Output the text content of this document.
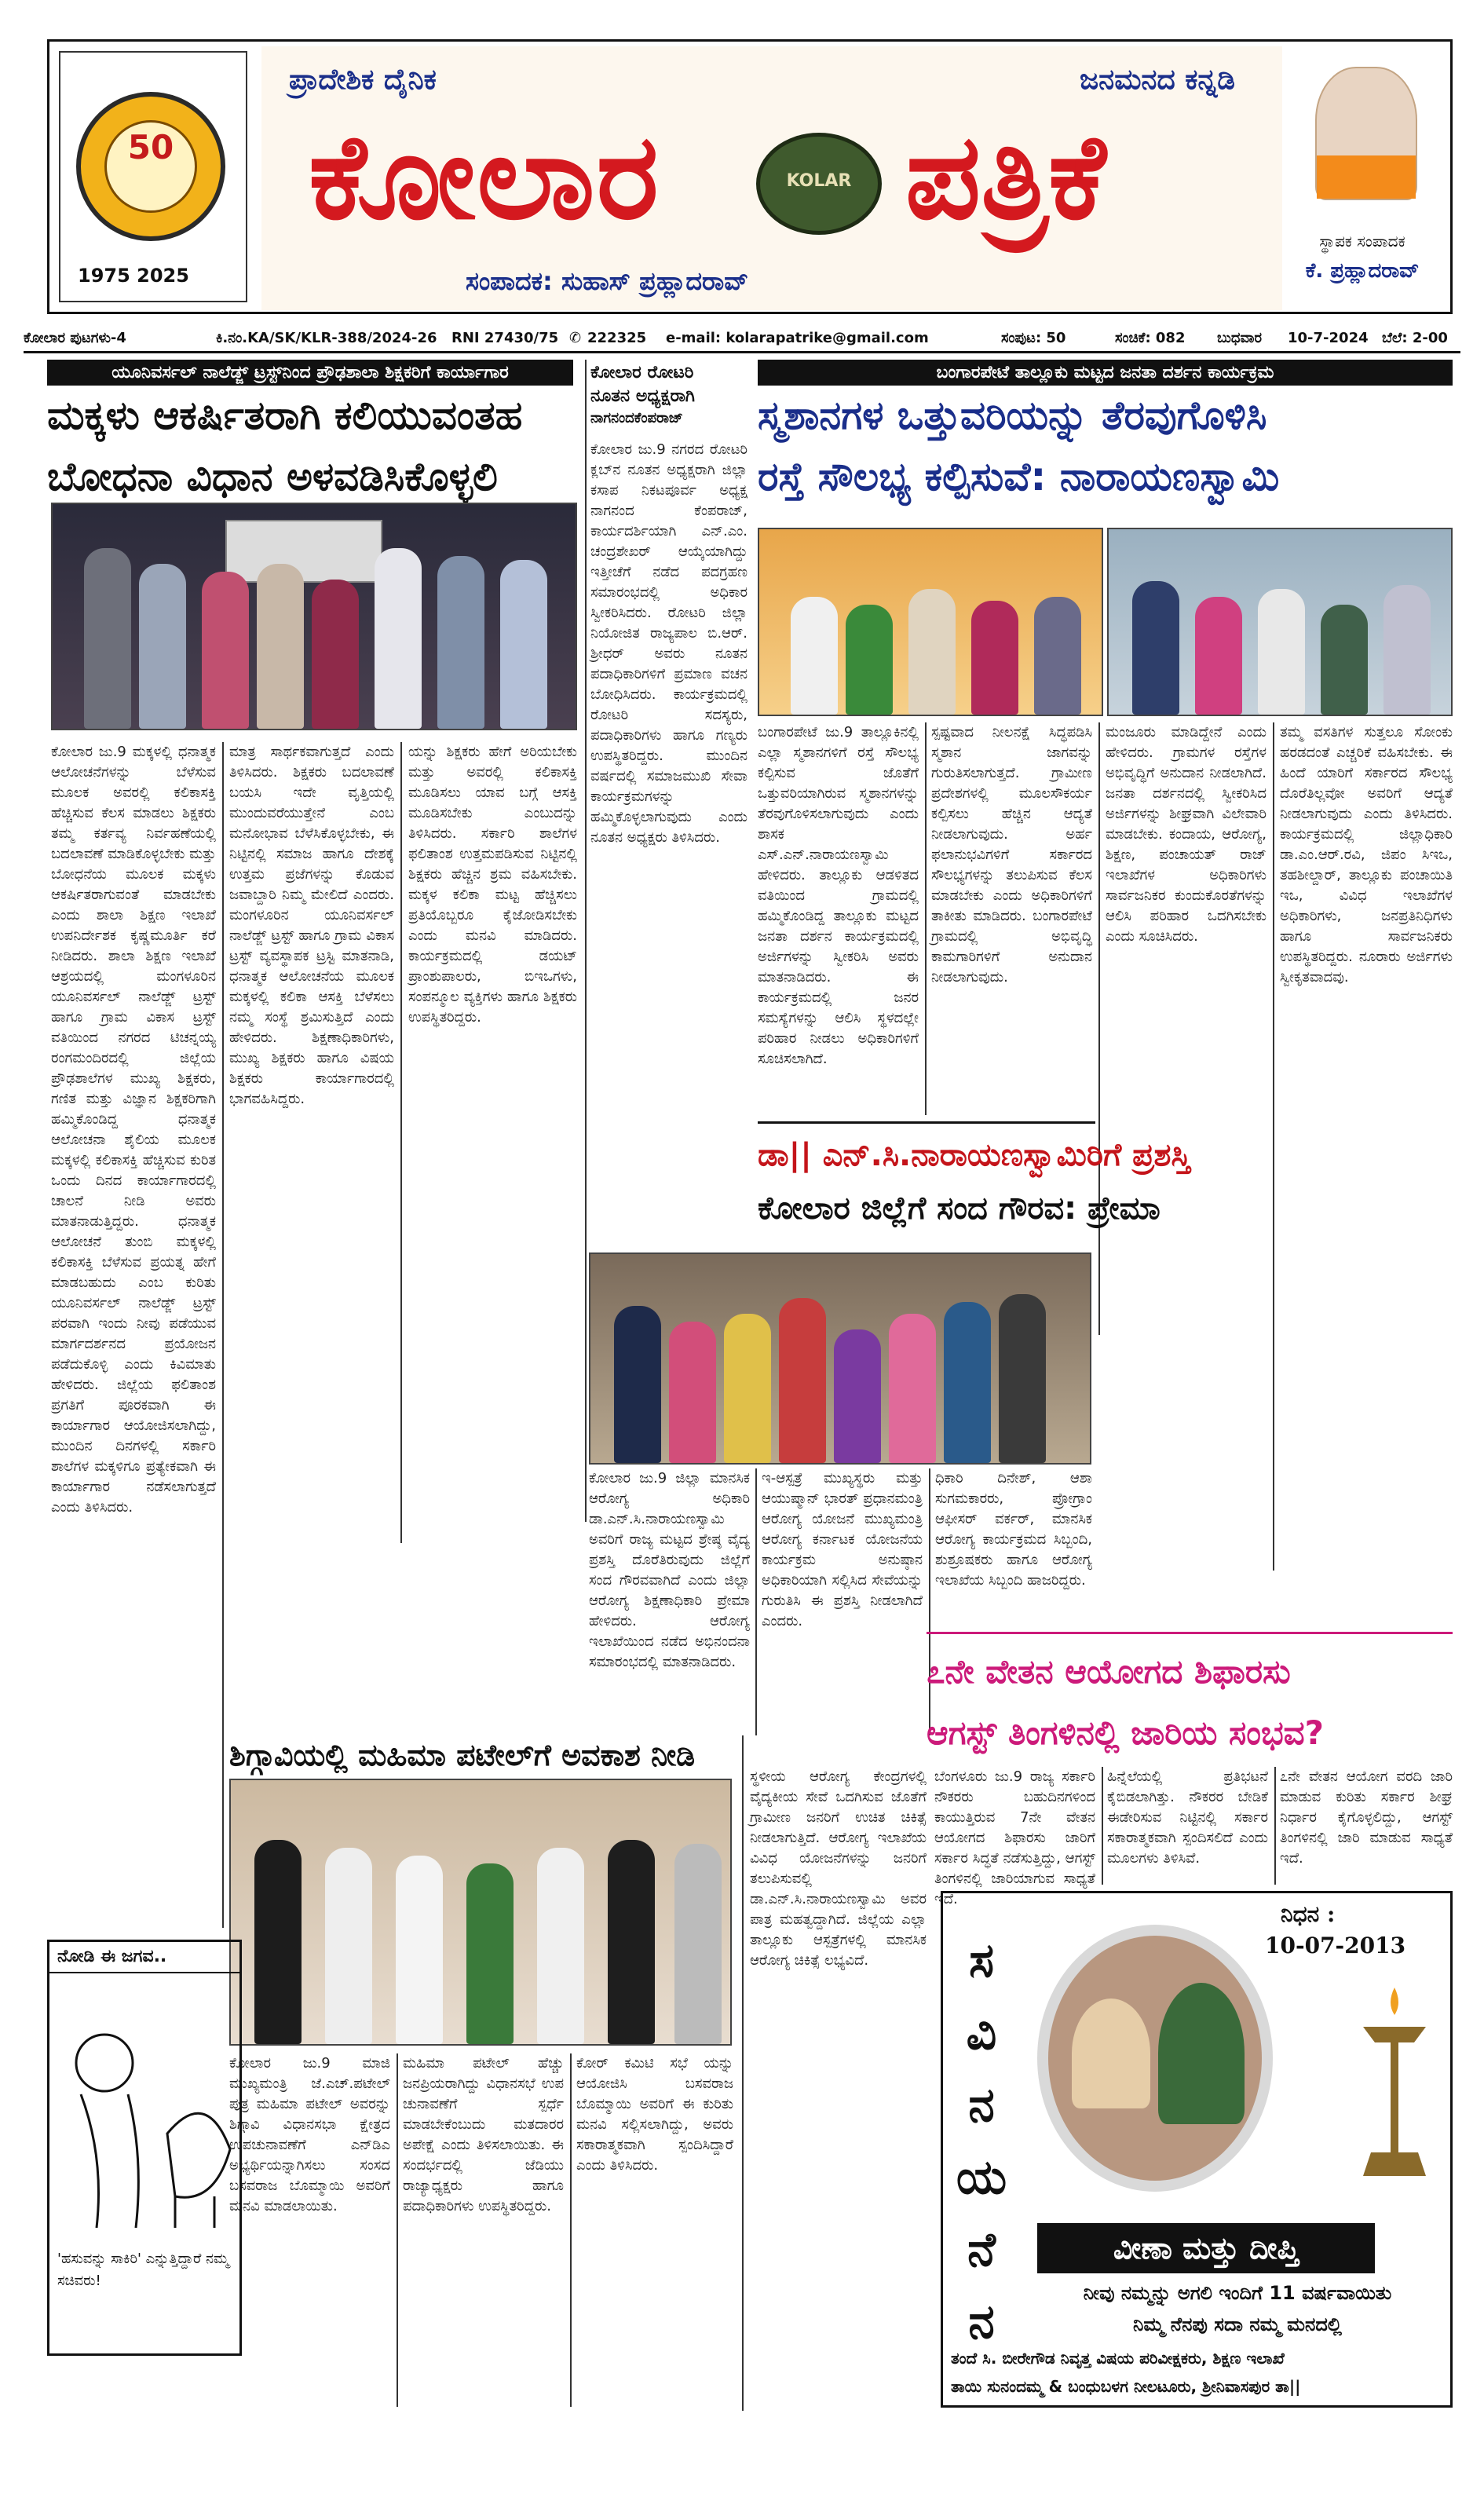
50
1975 2025
ಪ್ರಾದೇಶಿಕ ದೈನಿಕ	ಜನಮನದ ಕನ್ನಡಿ
ಕೋಲಾರ	KOLAR ಪತ್ರಿಕೆ
ಸಂಪಾದಕ: ಸುಹಾಸ್ ಪ್ರಹ್ಲಾದರಾವ್
ಸ್ಥಾಪಕ ಸಂಪಾದಕ
ಕೆ. ಪ್ರಹ್ಲಾದರಾವ್
ಕೋಲಾರ ಪುಟಗಳು-4	ಕಿ.ನಂ.KA/SK/KLR-388/2024-26 RNI 27430/75 ✆ 222325 e-mail: kolarapatrike@gmail.com	ಸಂಪುಟ: 50	ಸಂಚಿಕೆ: 082 ಬುಧವಾರ 10-7-2024 ಬೆಲೆ: 2-00
ಯೂನಿವರ್ಸಲ್ ನಾಲೆಡ್ಜ್ ಟ್ರಸ್ಟ್‌ನಿಂದ ಪ್ರೌಢಶಾಲಾ ಶಿಕ್ಷಕರಿಗೆ ಕಾರ್ಯಾಗಾರ
ಮಕ್ಕಳು ಆಕರ್ಷಿತರಾಗಿ ಕಲಿಯುವಂತಹ
ಬೋಧನಾ ವಿಧಾನ ಅಳವಡಿಸಿಕೊಳ್ಳಲಿ
ಕೋಲಾರ ಜು.9 ಮಕ್ಕಳಲ್ಲಿ ಧನಾತ್ಮಕ ಆಲೋಚನೆಗಳನ್ನು ಬೆಳೆಸುವ ಮೂಲಕ ಅವರಲ್ಲಿ ಕಲಿಕಾಸಕ್ತಿ ಹೆಚ್ಚಿಸುವ ಕೆಲಸ ಮಾಡಲು ಶಿಕ್ಷಕರು ತಮ್ಮ ಕರ್ತವ್ಯ ನಿರ್ವಹಣೆಯಲ್ಲಿ ಬದಲಾವಣೆ ಮಾಡಿಕೊಳ್ಳಬೇಕು ಮತ್ತು ಬೋಧನೆಯ ಮೂಲಕ ಮಕ್ಕಳು ಆಕರ್ಷಿತರಾಗುವಂತೆ ಮಾಡಬೇಕು ಎಂದು ಶಾಲಾ ಶಿಕ್ಷಣ ಇಲಾಖೆ ಉಪನಿರ್ದೇಶಕ ಕೃಷ್ಣಮೂರ್ತಿ ಕರೆ ನೀಡಿದರು. ಶಾಲಾ ಶಿಕ್ಷಣ ಇಲಾಖೆ ಆಶ್ರಯದಲ್ಲಿ ಮಂಗಳೂರಿನ ಯೂನಿವರ್ಸಲ್ ನಾಲೆಡ್ಜ್ ಟ್ರಸ್ಟ್ ಹಾಗೂ ಗ್ರಾಮ ವಿಕಾಸ ಟ್ರಸ್ಟ್ ವತಿಯಿಂದ ನಗರದ ಟಿಚನ್ನಯ್ಯ ರಂಗಮಂದಿರದಲ್ಲಿ ಜಿಲ್ಲೆಯ ಪ್ರೌಢಶಾಲೆಗಳ ಮುಖ್ಯ ಶಿಕ್ಷಕರು, ಗಣಿತ ಮತ್ತು ವಿಜ್ಞಾನ ಶಿಕ್ಷಕರಿಗಾಗಿ ಹಮ್ಮಿಕೊಂಡಿದ್ದ ಧನಾತ್ಮಕ ಆಲೋಚನಾ ಶೈಲಿಯ ಮೂಲಕ ಮಕ್ಕಳಲ್ಲಿ ಕಲಿಕಾಸಕ್ತಿ ಹೆಚ್ಚಿಸುವ ಕುರಿತ ಒಂದು ದಿನದ ಕಾರ್ಯಾಗಾರದಲ್ಲಿ ಚಾಲನೆ ನೀಡಿ ಅವರು ಮಾತನಾಡುತ್ತಿದ್ದರು. ಧನಾತ್ಮಕ ಆಲೋಚನೆ ತುಂಬಿ ಮಕ್ಕಳಲ್ಲಿ ಕಲಿಕಾಸಕ್ತಿ ಬೆಳೆಸುವ ಪ್ರಯತ್ನ ಹೇಗೆ ಮಾಡಬಹುದು ಎಂಬ ಕುರಿತು ಯೂನಿವರ್ಸಲ್ ನಾಲೆಡ್ಜ್ ಟ್ರಸ್ಟ್ ಪರವಾಗಿ ಇಂದು ನೀವು ಪಡೆಯುವ ಮಾರ್ಗದರ್ಶನದ ಪ್ರಯೋಜನ ಪಡೆದುಕೊಳ್ಳಿ ಎಂದು ಕಿವಿಮಾತು ಹೇಳಿದರು. ಜಿಲ್ಲೆಯ ಫಲಿತಾಂಶ ಪ್ರಗತಿಗೆ ಪೂರಕವಾಗಿ ಈ ಕಾರ್ಯಾಗಾರ ಆಯೋಜಿಸಲಾಗಿದ್ದು, ಮುಂದಿನ ದಿನಗಳಲ್ಲಿ ಸರ್ಕಾರಿ ಶಾಲೆಗಳ ಮಕ್ಕಳಿಗೂ ಪ್ರತ್ಯೇಕವಾಗಿ ಈ ಕಾರ್ಯಾಗಾರ ನಡೆಸಲಾಗುತ್ತದೆ ಎಂದು ತಿಳಿಸಿದರು.
ಮಾತ್ರ ಸಾರ್ಥಕವಾಗುತ್ತದೆ ಎಂದು ತಿಳಿಸಿದರು. ಶಿಕ್ಷಕರು ಬದಲಾವಣೆ ಬಯಸಿ ಇದೇ ವೃತ್ತಿಯಲ್ಲಿ ಮುಂದುವರೆಯುತ್ತೇನೆ ಎಂಬ ಮನೋಭಾವ ಬೆಳೆಸಿಕೊಳ್ಳಬೇಕು, ಈ ನಿಟ್ಟಿನಲ್ಲಿ ಸಮಾಜ ಹಾಗೂ ದೇಶಕ್ಕೆ ಉತ್ತಮ ಪ್ರಜೆಗಳನ್ನು ಕೊಡುವ ಜವಾಬ್ದಾರಿ ನಿಮ್ಮ ಮೇಲಿದೆ ಎಂದರು. ಮಂಗಳೂರಿನ ಯೂನಿವರ್ಸಲ್ ನಾಲೆಡ್ಜ್ ಟ್ರಸ್ಟ್ ಹಾಗೂ ಗ್ರಾಮ ವಿಕಾಸ ಟ್ರಸ್ಟ್ ವ್ಯವಸ್ಥಾಪಕ ಟ್ರಸ್ಟಿ ಮಾತನಾಡಿ, ಧನಾತ್ಮಕ ಆಲೋಚನೆಯ ಮೂಲಕ ಮಕ್ಕಳಲ್ಲಿ ಕಲಿಕಾ ಆಸಕ್ತಿ ಬೆಳೆಸಲು ನಮ್ಮ ಸಂಸ್ಥೆ ಶ್ರಮಿಸುತ್ತಿದೆ ಎಂದು ಹೇಳಿದರು. ಶಿಕ್ಷಣಾಧಿಕಾರಿಗಳು, ಮುಖ್ಯ ಶಿಕ್ಷಕರು ಹಾಗೂ ವಿಷಯ ಶಿಕ್ಷಕರು ಕಾರ್ಯಾಗಾರದಲ್ಲಿ ಭಾಗವಹಿಸಿದ್ದರು.
ಯನ್ನು ಶಿಕ್ಷಕರು ಹೇಗೆ ಅರಿಯಬೇಕು ಮತ್ತು ಅವರಲ್ಲಿ ಕಲಿಕಾಸಕ್ತಿ ಮೂಡಿಸಲು ಯಾವ ಬಗ್ಗೆ ಆಸಕ್ತಿ ಮೂಡಿಸಬೇಕು ಎಂಬುದನ್ನು ತಿಳಿಸಿದರು. ಸರ್ಕಾರಿ ಶಾಲೆಗಳ ಫಲಿತಾಂಶ ಉತ್ತಮಪಡಿಸುವ ನಿಟ್ಟಿನಲ್ಲಿ ಶಿಕ್ಷಕರು ಹೆಚ್ಚಿನ ಶ್ರಮ ವಹಿಸಬೇಕು. ಮಕ್ಕಳ ಕಲಿಕಾ ಮಟ್ಟ ಹೆಚ್ಚಿಸಲು ಪ್ರತಿಯೊಬ್ಬರೂ ಕೈಜೋಡಿಸಬೇಕು ಎಂದು ಮನವಿ ಮಾಡಿದರು. ಕಾರ್ಯಕ್ರಮದಲ್ಲಿ ಡಯಟ್ ಪ್ರಾಂಶುಪಾಲರು, ಬಿಇಒಗಳು, ಸಂಪನ್ಮೂಲ ವ್ಯಕ್ತಿಗಳು ಹಾಗೂ ಶಿಕ್ಷಕರು ಉಪಸ್ಥಿತರಿದ್ದರು.
ಕೋಲಾರ ರೋಟರಿ
ನೂತನ ಅಧ್ಯಕ್ಷರಾಗಿ
ನಾಗನಂದಕೆಂಪರಾಜ್
ಕೋಲಾರ ಜು.9 ನಗರದ ರೋಟರಿ ಕ್ಲಬ್‌ನ ನೂತನ ಅಧ್ಯಕ್ಷರಾಗಿ ಜಿಲ್ಲಾ ಕಸಾಪ ನಿಕಟಪೂರ್ವ ಅಧ್ಯಕ್ಷ ನಾಗನಂದ ಕೆಂಪರಾಜ್, ಕಾರ್ಯದರ್ಶಿಯಾಗಿ ಎನ್.ಎಂ. ಚಂದ್ರಶೇಖರ್ ಆಯ್ಕೆಯಾಗಿದ್ದು ಇತ್ತೀಚೆಗೆ ನಡೆದ ಪದಗ್ರಹಣ ಸಮಾರಂಭದಲ್ಲಿ ಅಧಿಕಾರ ಸ್ವೀಕರಿಸಿದರು. ರೋಟರಿ ಜಿಲ್ಲಾ ನಿಯೋಜಿತ ರಾಜ್ಯಪಾಲ ಬಿ.ಆರ್. ಶ್ರೀಧರ್ ಅವರು ನೂತನ ಪದಾಧಿಕಾರಿಗಳಿಗೆ ಪ್ರಮಾಣ ವಚನ ಬೋಧಿಸಿದರು. ಕಾರ್ಯಕ್ರಮದಲ್ಲಿ ರೋಟರಿ ಸದಸ್ಯರು, ಪದಾಧಿಕಾರಿಗಳು ಹಾಗೂ ಗಣ್ಯರು ಉಪಸ್ಥಿತರಿದ್ದರು. ಮುಂದಿನ ವರ್ಷದಲ್ಲಿ ಸಮಾಜಮುಖಿ ಸೇವಾ ಕಾರ್ಯಕ್ರಮಗಳನ್ನು ಹಮ್ಮಿಕೊಳ್ಳಲಾಗುವುದು ಎಂದು ನೂತನ ಅಧ್ಯಕ್ಷರು ತಿಳಿಸಿದರು.
ಬಂಗಾರಪೇಟೆ ತಾಲ್ಲೂಕು ಮಟ್ಟದ ಜನತಾ ದರ್ಶನ ಕಾರ್ಯಕ್ರಮ
ಸ್ಮಶಾನಗಳ ಒತ್ತುವರಿಯನ್ನು ತೆರವುಗೊಳಿಸಿ
ರಸ್ತೆ ಸೌಲಭ್ಯ ಕಲ್ಪಿಸುವೆ: ನಾರಾಯಣಸ್ವಾಮಿ
ಬಂಗಾರಪೇಟೆ ಜು.9 ತಾಲ್ಲೂಕಿನಲ್ಲಿ ಎಲ್ಲಾ ಸ್ಮಶಾನಗಳಿಗೆ ರಸ್ತೆ ಸೌಲಭ್ಯ ಕಲ್ಪಿಸುವ ಜೊತೆಗೆ ಒತ್ತುವರಿಯಾಗಿರುವ ಸ್ಮಶಾನಗಳನ್ನು ತೆರವುಗೊಳಿಸಲಾಗುವುದು ಎಂದು ಶಾಸಕ ಎಸ್.ಎನ್.ನಾರಾಯಣಸ್ವಾಮಿ ಹೇಳಿದರು. ತಾಲ್ಲೂಕು ಆಡಳಿತದ ವತಿಯಿಂದ ಗ್ರಾಮದಲ್ಲಿ ಹಮ್ಮಿಕೊಂಡಿದ್ದ ತಾಲ್ಲೂಕು ಮಟ್ಟದ ಜನತಾ ದರ್ಶನ ಕಾರ್ಯಕ್ರಮದಲ್ಲಿ ಅರ್ಜಿಗಳನ್ನು ಸ್ವೀಕರಿಸಿ ಅವರು ಮಾತನಾಡಿದರು. ಈ ಕಾರ್ಯಕ್ರಮದಲ್ಲಿ ಜನರ ಸಮಸ್ಯೆಗಳನ್ನು ಆಲಿಸಿ ಸ್ಥಳದಲ್ಲೇ ಪರಿಹಾರ ನೀಡಲು ಅಧಿಕಾರಿಗಳಿಗೆ ಸೂಚಿಸಲಾಗಿದೆ.
ಸ್ಪಷ್ಟವಾದ ನೀಲನಕ್ಷೆ ಸಿದ್ಧಪಡಿಸಿ ಸ್ಮಶಾನ ಜಾಗವನ್ನು ಗುರುತಿಸಲಾಗುತ್ತದೆ. ಗ್ರಾಮೀಣ ಪ್ರದೇಶಗಳಲ್ಲಿ ಮೂಲಸೌಕರ್ಯ ಕಲ್ಪಿಸಲು ಹೆಚ್ಚಿನ ಆದ್ಯತೆ ನೀಡಲಾಗುವುದು. ಅರ್ಹ ಫಲಾನುಭವಿಗಳಿಗೆ ಸರ್ಕಾರದ ಸೌಲಭ್ಯಗಳನ್ನು ತಲುಪಿಸುವ ಕೆಲಸ ಮಾಡಬೇಕು ಎಂದು ಅಧಿಕಾರಿಗಳಿಗೆ ತಾಕೀತು ಮಾಡಿದರು. ಬಂಗಾರಪೇಟೆ ಗ್ರಾಮದಲ್ಲಿ ಅಭಿವೃದ್ಧಿ ಕಾಮಗಾರಿಗಳಿಗೆ ಅನುದಾನ ನೀಡಲಾಗುವುದು.
ಮಂಜೂರು ಮಾಡಿದ್ದೇನೆ ಎಂದು ಹೇಳಿದರು. ಗ್ರಾಮಗಳ ರಸ್ತೆಗಳ ಅಭಿವೃದ್ಧಿಗೆ ಅನುದಾನ ನೀಡಲಾಗಿದೆ. ಜನತಾ ದರ್ಶನದಲ್ಲಿ ಸ್ವೀಕರಿಸಿದ ಅರ್ಜಿಗಳನ್ನು ಶೀಘ್ರವಾಗಿ ವಿಲೇವಾರಿ ಮಾಡಬೇಕು. ಕಂದಾಯ, ಆರೋಗ್ಯ, ಶಿಕ್ಷಣ, ಪಂಚಾಯತ್ ರಾಜ್ ಇಲಾಖೆಗಳ ಅಧಿಕಾರಿಗಳು ಸಾರ್ವಜನಿಕರ ಕುಂದುಕೊರತೆಗಳನ್ನು ಆಲಿಸಿ ಪರಿಹಾರ ಒದಗಿಸಬೇಕು ಎಂದು ಸೂಚಿಸಿದರು.
ತಮ್ಮ ವಸತಿಗಳ ಸುತ್ತಲೂ ಸೋಂಕು ಹರಡದಂತೆ ಎಚ್ಚರಿಕೆ ವಹಿಸಬೇಕು. ಈ ಹಿಂದೆ ಯಾರಿಗೆ ಸರ್ಕಾರದ ಸೌಲಭ್ಯ ದೊರೆತಿಲ್ಲವೋ ಅವರಿಗೆ ಆದ್ಯತೆ ನೀಡಲಾಗುವುದು ಎಂದು ತಿಳಿಸಿದರು. ಕಾರ್ಯಕ್ರಮದಲ್ಲಿ ಜಿಲ್ಲಾಧಿಕಾರಿ ಡಾ.ಎಂ.ಆರ್.ರವಿ, ಜಿಪಂ ಸಿಇಒ, ತಹಶೀಲ್ದಾರ್, ತಾಲ್ಲೂಕು ಪಂಚಾಯಿತಿ ಇಒ, ವಿವಿಧ ಇಲಾಖೆಗಳ ಅಧಿಕಾರಿಗಳು, ಜನಪ್ರತಿನಿಧಿಗಳು ಹಾಗೂ ಸಾರ್ವಜನಿಕರು ಉಪಸ್ಥಿತರಿದ್ದರು. ನೂರಾರು ಅರ್ಜಿಗಳು ಸ್ವೀಕೃತವಾದವು.
ಡಾ|| ಎನ್.ಸಿ.ನಾರಾಯಣಸ್ವಾಮಿರಿಗೆ ಪ್ರಶಸ್ತಿ
ಕೋಲಾರ ಜಿಲ್ಲೆಗೆ ಸಂದ ಗೌರವ: ಪ್ರೇಮಾ
ಕೋಲಾರ ಜು.9 ಜಿಲ್ಲಾ ಮಾನಸಿಕ ಆರೋಗ್ಯ ಅಧಿಕಾರಿ ಡಾ.ಎನ್.ಸಿ.ನಾರಾಯಣಸ್ವಾಮಿ ಅವರಿಗೆ ರಾಜ್ಯ ಮಟ್ಟದ ಶ್ರೇಷ್ಠ ವೈದ್ಯ ಪ್ರಶಸ್ತಿ ದೊರೆತಿರುವುದು ಜಿಲ್ಲೆಗೆ ಸಂದ ಗೌರವವಾಗಿದೆ ಎಂದು ಜಿಲ್ಲಾ ಆರೋಗ್ಯ ಶಿಕ್ಷಣಾಧಿಕಾರಿ ಪ್ರೇಮಾ ಹೇಳಿದರು. ಆರೋಗ್ಯ ಇಲಾಖೆಯಿಂದ ನಡೆದ ಅಭಿನಂದನಾ ಸಮಾರಂಭದಲ್ಲಿ ಮಾತನಾಡಿದರು.
ಇ-ಆಸ್ಪತ್ರೆ ಮುಖ್ಯಸ್ಥರು ಮತ್ತು ಆಯುಷ್ಮಾನ್ ಭಾರತ್ ಪ್ರಧಾನಮಂತ್ರಿ ಆರೋಗ್ಯ ಯೋಜನೆ ಮುಖ್ಯಮಂತ್ರಿ ಆರೋಗ್ಯ ಕರ್ನಾಟಕ ಯೋಜನೆಯ ಕಾರ್ಯಕ್ರಮ ಅನುಷ್ಠಾನ ಅಧಿಕಾರಿಯಾಗಿ ಸಲ್ಲಿಸಿದ ಸೇವೆಯನ್ನು ಗುರುತಿಸಿ ಈ ಪ್ರಶಸ್ತಿ ನೀಡಲಾಗಿದೆ ಎಂದರು.
ಧಿಕಾರಿ ದಿನೇಶ್, ಆಶಾ ಸುಗಮಕಾರರು, ಪ್ರೋಗ್ರಾಂ ಆಫೀಸರ್ ವರ್ಕರ್, ಮಾನಸಿಕ ಆರೋಗ್ಯ ಕಾರ್ಯಕ್ರಮದ ಸಿಬ್ಬಂದಿ, ಶುಶ್ರೂಷಕರು ಹಾಗೂ ಆರೋಗ್ಯ ಇಲಾಖೆಯ ಸಿಬ್ಬಂದಿ ಹಾಜರಿದ್ದರು.
೭ನೇ ವೇತನ ಆಯೋಗದ ಶಿಫಾರಸು
ಆಗಸ್ಟ್ ತಿಂಗಳಿನಲ್ಲಿ ಜಾರಿಯ ಸಂಭವ?
ಬೆಂಗಳೂರು ಜು.9 ರಾಜ್ಯ ಸರ್ಕಾರಿ ನೌಕರರು ಬಹುದಿನಗಳಿಂದ ಕಾಯುತ್ತಿರುವ 7ನೇ ವೇತನ ಆಯೋಗದ ಶಿಫಾರಸು ಜಾರಿಗೆ ಸರ್ಕಾರ ಸಿದ್ಧತೆ ನಡೆಸುತ್ತಿದ್ದು, ಆಗಸ್ಟ್ ತಿಂಗಳಿನಲ್ಲಿ ಜಾರಿಯಾಗುವ ಸಾಧ್ಯತೆ ಇದೆ.
ಹಿನ್ನೆಲೆಯಲ್ಲಿ ಪ್ರತಿಭಟನೆ ಕೈಬಿಡಲಾಗಿತ್ತು. ನೌಕರರ ಬೇಡಿಕೆ ಈಡೇರಿಸುವ ನಿಟ್ಟಿನಲ್ಲಿ ಸರ್ಕಾರ ಸಕಾರಾತ್ಮಕವಾಗಿ ಸ್ಪಂದಿಸಲಿದೆ ಎಂದು ಮೂಲಗಳು ತಿಳಿಸಿವೆ.
೭ನೇ ವೇತನ ಆಯೋಗ ವರದಿ ಜಾರಿ ಮಾಡುವ ಕುರಿತು ಸರ್ಕಾರ ಶೀಘ್ರ ನಿರ್ಧಾರ ಕೈಗೊಳ್ಳಲಿದ್ದು, ಆಗಸ್ಟ್ ತಿಂಗಳಿನಲ್ಲಿ ಜಾರಿ ಮಾಡುವ ಸಾಧ್ಯತೆ ಇದೆ.
ಶಿಗ್ಗಾವಿಯಲ್ಲಿ ಮಹಿಮಾ ಪಟೇಲ್‌ಗೆ ಅವಕಾಶ ನೀಡಿ
ಕೋಲಾರ ಜು.9 ಮಾಜಿ ಮುಖ್ಯಮಂತ್ರಿ ಜೆ.ಎಚ್.ಪಟೇಲ್ ಪುತ್ರ ಮಹಿಮಾ ಪಟೇಲ್ ಅವರನ್ನು ಶಿಗ್ಗಾವಿ ವಿಧಾನಸಭಾ ಕ್ಷೇತ್ರದ ಉಪಚುನಾವಣೆಗೆ ಎನ್‌ಡಿಎ ಅಭ್ಯರ್ಥಿಯನ್ನಾಗಿಸಲು ಸಂಸದ ಬಸವರಾಜ ಬೊಮ್ಮಾಯಿ ಅವರಿಗೆ ಮನವಿ ಮಾಡಲಾಯಿತು.
ಮಹಿಮಾ ಪಟೇಲ್ ಹೆಚ್ಚು ಜನಪ್ರಿಯರಾಗಿದ್ದು ವಿಧಾನಸಭೆ ಉಪ ಚುನಾವಣೆಗೆ ಸ್ಪರ್ಧೆ ಮಾಡಬೇಕೆಂಬುದು ಮತದಾರರ ಅಪೇಕ್ಷೆ ಎಂದು ತಿಳಿಸಲಾಯಿತು. ಈ ಸಂದರ್ಭದಲ್ಲಿ ಜೆಡಿಯು ರಾಜ್ಯಾಧ್ಯಕ್ಷರು ಹಾಗೂ ಪದಾಧಿಕಾರಿಗಳು ಉಪಸ್ಥಿತರಿದ್ದರು.
ಕೋರ್ ಕಮಿಟಿ ಸಭೆ ಯನ್ನು ಆಯೋಜಿಸಿ ಬಸವರಾಜ ಬೊಮ್ಮಾಯಿ ಅವರಿಗೆ ಈ ಕುರಿತು ಮನವಿ ಸಲ್ಲಿಸಲಾಗಿದ್ದು, ಅವರು ಸಕಾರಾತ್ಮಕವಾಗಿ ಸ್ಪಂದಿಸಿದ್ದಾರೆ ಎಂದು ತಿಳಿಸಿದರು.
ಸ್ಥಳೀಯ ಆರೋಗ್ಯ ಕೇಂದ್ರಗಳಲ್ಲಿ ವೈದ್ಯಕೀಯ ಸೇವೆ ಒದಗಿಸುವ ಜೊತೆಗೆ ಗ್ರಾಮೀಣ ಜನರಿಗೆ ಉಚಿತ ಚಿಕಿತ್ಸೆ ನೀಡಲಾಗುತ್ತಿದೆ. ಆರೋಗ್ಯ ಇಲಾಖೆಯ ವಿವಿಧ ಯೋಜನೆಗಳನ್ನು ಜನರಿಗೆ ತಲುಪಿಸುವಲ್ಲಿ ಡಾ.ಎನ್.ಸಿ.ನಾರಾಯಣಸ್ವಾಮಿ ಅವರ ಪಾತ್ರ ಮಹತ್ವದ್ದಾಗಿದೆ. ಜಿಲ್ಲೆಯ ಎಲ್ಲಾ ತಾಲ್ಲೂಕು ಆಸ್ಪತ್ರೆಗಳಲ್ಲಿ ಮಾನಸಿಕ ಆರೋಗ್ಯ ಚಿಕಿತ್ಸೆ ಲಭ್ಯವಿದೆ.
ನೋಡಿ ಈ ಜಗವ..
'ಹಸುವನ್ನು ಸಾಕಿರಿ' ಎನ್ನುತ್ತಿದ್ದಾರೆ ನಮ್ಮ ಸಚಿವರು!
ಸ
ವಿ
ನ
ಯ
ನೆ
ನ
ನಿಧನ :
10-07-2013
ವೀಣಾ ಮತ್ತು ದೀಪ್ತಿ
ನೀವು ನಮ್ಮನ್ನು ಅಗಲಿ ಇಂದಿಗೆ 11 ವರ್ಷವಾಯಿತು
ನಿಮ್ಮ ನೆನಪು ಸದಾ ನಮ್ಮ ಮನದಲ್ಲಿ
ತಂದೆ ಸಿ. ಬೀರೇಗೌಡ ನಿವೃತ್ತ ವಿಷಯ ಪರಿವೀಕ್ಷಕರು, ಶಿಕ್ಷಣ ಇಲಾಖೆ
ತಾಯಿ ಸುನಂದಮ್ಮ & ಬಂಧುಬಳಗ ನೀಲಟೂರು, ಶ್ರೀನಿವಾಸಪುರ ತಾ||
